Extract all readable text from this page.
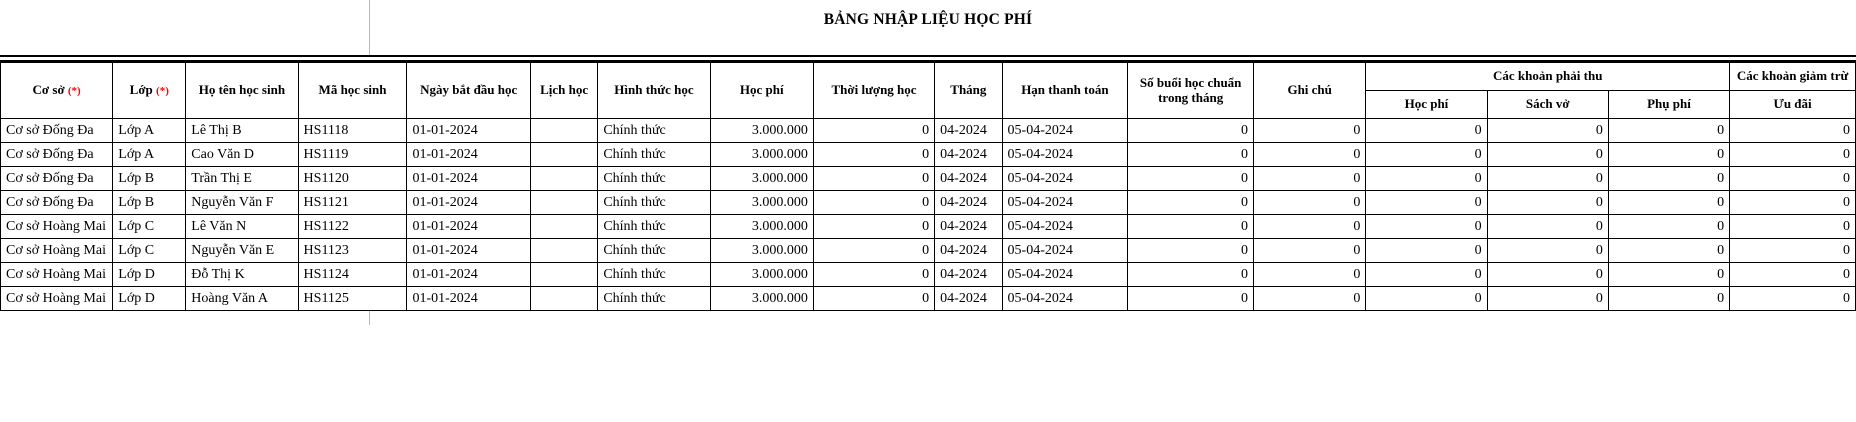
BẢNG NHẬP LIỆU HỌC PHÍ
Cơ sở (*)	Lớp (*)	Họ tên học sinh	Mã học sinh	Ngày bắt đầu học	Lịch học	Hình thức học	Học phí	Thời lượng học	Tháng	Hạn thanh toán	Số buổi học chuẩn trong tháng	Ghi chú	Các khoản phải thu			Các khoản giảm trừ
													Học phí	Sách vở	Phụ phí	Ưu đãi
Cơ sở Đống Đa	Lớp A	Lê Thị B	HS1118	01-01-2024		Chính thức	3.000.000	0	04-2024	05-04-2024	0	0	0	0	0	0
Cơ sở Đống Đa	Lớp A	Cao Văn D	HS1119	01-01-2024		Chính thức	3.000.000	0	04-2024	05-04-2024	0	0	0	0	0	0
Cơ sở Đống Đa	Lớp B	Trần Thị E	HS1120	01-01-2024		Chính thức	3.000.000	0	04-2024	05-04-2024	0	0	0	0	0	0
Cơ sở Đống Đa	Lớp B	Nguyễn Văn F	HS1121	01-01-2024		Chính thức	3.000.000	0	04-2024	05-04-2024	0	0	0	0	0	0
Cơ sở Hoàng Mai	Lớp C	Lê Văn N	HS1122	01-01-2024		Chính thức	3.000.000	0	04-2024	05-04-2024	0	0	0	0	0	0
Cơ sở Hoàng Mai	Lớp C	Nguyễn Văn E	HS1123	01-01-2024		Chính thức	3.000.000	0	04-2024	05-04-2024	0	0	0	0	0	0
Cơ sở Hoàng Mai	Lớp D	Đỗ Thị K	HS1124	01-01-2024		Chính thức	3.000.000	0	04-2024	05-04-2024	0	0	0	0	0	0
Cơ sở Hoàng Mai	Lớp D	Hoàng Văn A	HS1125	01-01-2024		Chính thức	3.000.000	0	04-2024	05-04-2024	0	0	0	0	0	0
